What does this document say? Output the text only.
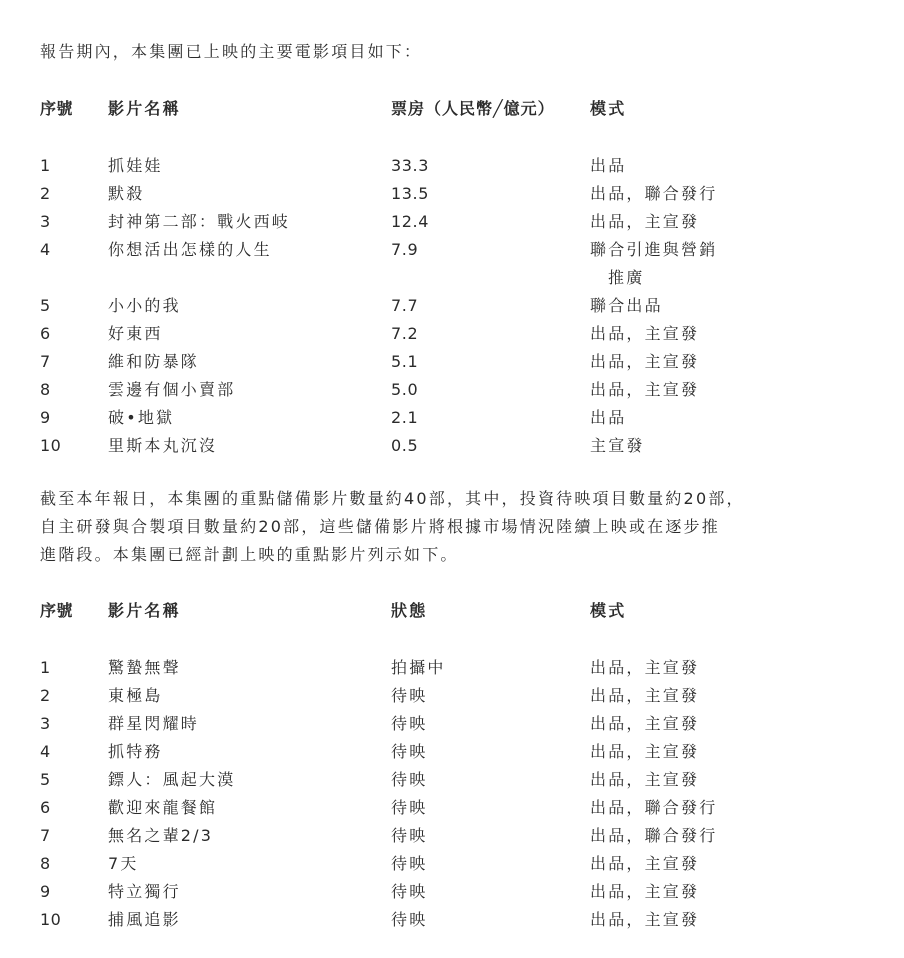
報告期內，本集團已上映的主要電影項目如下：

序號 影片名稱	票房（人民幣╱億元） 模式
1	抓娃娃	33.3	出品
2	默殺	13.5	出品，聯合發行
3	封神第二部：戰火西岐	12.4	出品，主宣發
4	你想活出怎樣的人生	7.9	聯合引進與營銷
推廣
5	小小的我	7.7	聯合出品
6	好東西	7.2	出品，主宣發
7	維和防暴隊	5.1	出品，主宣發
8	雲邊有個小賣部	5.0	出品，主宣發
9	破•地獄	2.1	出品
10	里斯本丸沉沒	0.5	主宣發

截至本年報日，本集團的重點儲備影片數量約40部，其中，投資待映項目數量約20部，

自主研發與合製項目數量約20部，這些儲備影片將根據市場情況陸續上映或在逐步推

進階段。本集團已經計劃上映的重點影片列示如下。

序號 影片名稱	狀態	模式
1	驚蟄無聲	拍攝中	出品，主宣發
2	東極島	待映	出品，主宣發
3	群星閃耀時	待映	出品，主宣發
4	抓特務	待映	出品，主宣發
5	鏢人：風起大漠	待映	出品，主宣發
6	歡迎來龍餐館	待映	出品，聯合發行
7	無名之輩2/3	待映	出品，聯合發行
8	7天	待映	出品，主宣發
9	特立獨行	待映	出品，主宣發
10	捕風追影	待映	出品，主宣發
